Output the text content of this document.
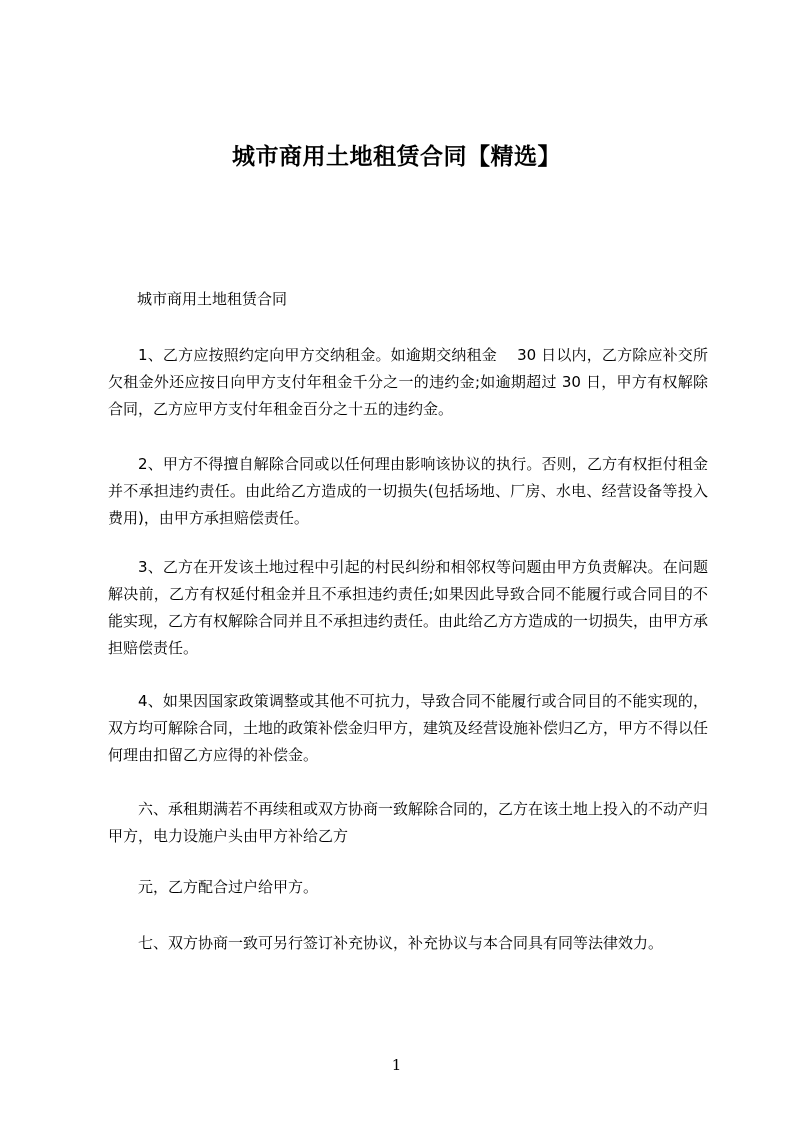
城市商用土地租赁合同【精选】
城市商用土地租赁合同

1、乙方应按照约定向甲方交纳租金。如逾期交纳租金　 30 日以内，乙方除应补交所欠租金外还应按日向甲方支付年租金千分之一的违约金;如逾期超过 30 日，甲方有权解除合同，乙方应甲方支付年租金百分之十五的违约金。

2、甲方不得擅自解除合同或以任何理由影响该协议的执行。否则，乙方有权拒付租金并不承担违约责任。由此给乙方造成的一切损失(包括场地、厂房、水电、经营设备等投入费用)，由甲方承担赔偿责任。

3、乙方在开发该土地过程中引起的村民纠纷和相邻权等问题由甲方负责解决。在问题解决前，乙方有权延付租金并且不承担违约责任;如果因此导致合同不能履行或合同目的不能实现，乙方有权解除合同并且不承担违约责任。由此给乙方方造成的一切损失，由甲方承担赔偿责任。

4、如果因国家政策调整或其他不可抗力，导致合同不能履行或合同目的不能实现的，双方均可解除合同，土地的政策补偿金归甲方，建筑及经营设施补偿归乙方，甲方不得以任何理由扣留乙方应得的补偿金。

六、承租期满若不再续租或双方协商一致解除合同的，乙方在该土地上投入的不动产归甲方，电力设施户头由甲方补给乙方

元，乙方配合过户给甲方。

七、双方协商一致可另行签订补充协议，补充协议与本合同具有同等法律效力。

1
